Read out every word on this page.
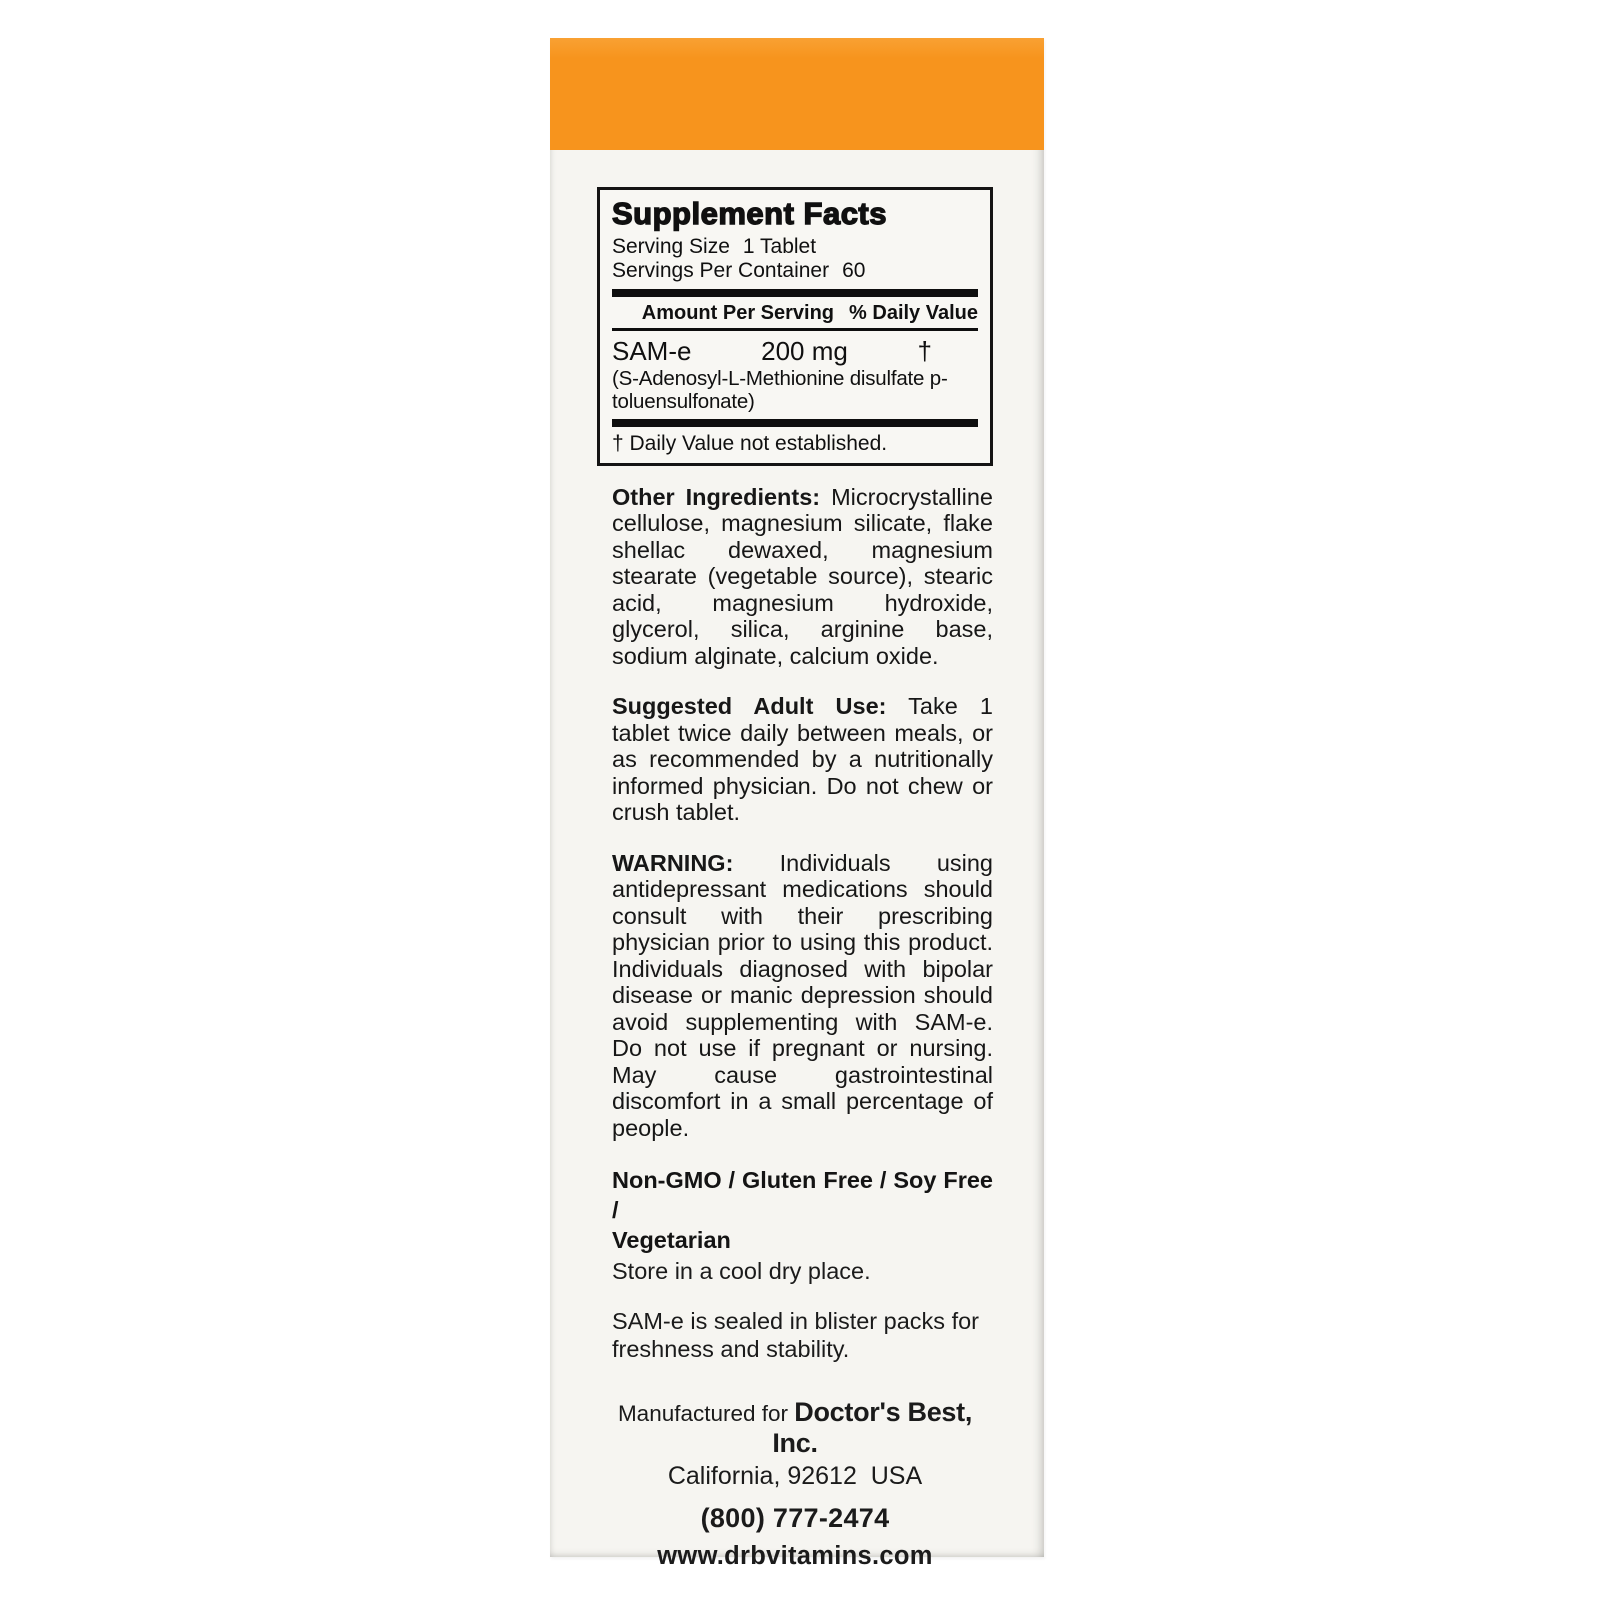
Supplement Facts
Serving Size 1 Tablet
Servings Per Container 60
Amount Per Serving % Daily Value
SAM-e	200 mg	†
(S-Adenosyl-L-Methionine disulfate p-toluensulfonate)
† Daily Value not established.

Other Ingredients: Microcrystalline cellulose, magnesium silicate, flake shellac dewaxed, magnesium stearate (vegetable source), stearic acid, magnesium hydroxide, glycerol, silica, arginine base, sodium alginate, calcium oxide.

Suggested Adult Use: Take 1 tablet twice daily between meals, or as recommended by a nutritionally informed physician. Do not chew or crush tablet.

WARNING: Individuals using antidepressant medications should consult with their prescribing physician prior to using this product. Individuals diagnosed with bipolar disease or manic depression should avoid supplementing with SAM-e. Do not use if pregnant or nursing. May cause gastrointestinal discomfort in a small percentage of people.

Non-GMO / Gluten Free / Soy Free /
Vegetarian
Store in a cool dry place.
SAM-e is sealed in blister packs for freshness and stability.
Manufactured for Doctor's Best, Inc.
California, 92612  USA
(800) 777-2474
www.drbvitamins.com
